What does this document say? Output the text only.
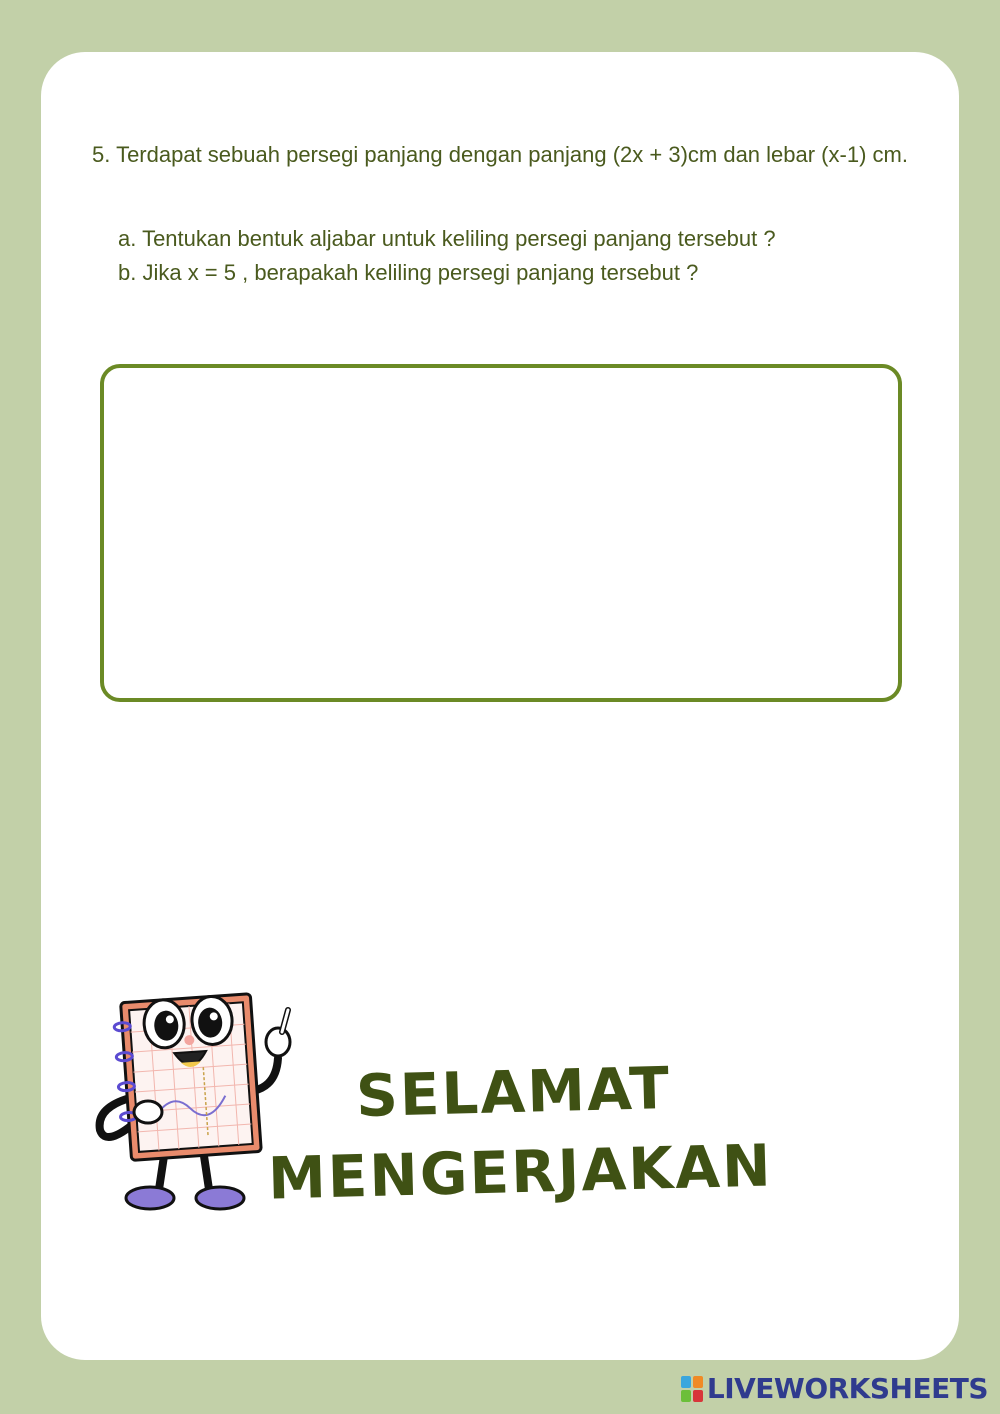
5. Terdapat sebuah persegi panjang dengan panjang (2x + 3)cm dan lebar (x-1) cm.

a. Tentukan bentuk aljabar untuk keliling persegi panjang tersebut ?

b. Jika x = 5 , berapakah keliling persegi panjang tersebut ?

SELAMAT

MENGERJAKAN

LIVEWORKSHEETS
